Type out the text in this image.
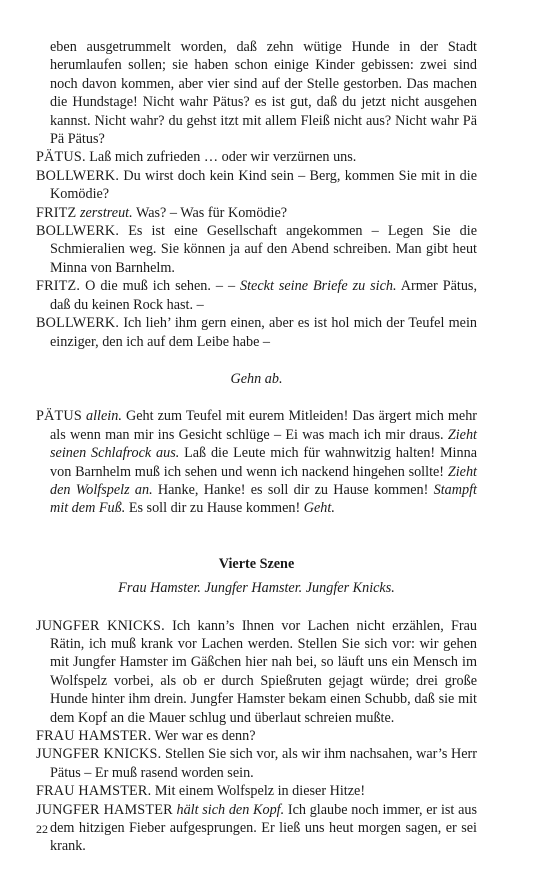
eben ausgetrummelt worden, daß zehn wütige Hunde in der Stadt herumlaufen sollen; sie haben schon einige Kinder gebissen: zwei sind noch davon kommen, aber vier sind auf der Stelle gestorben. Das machen die Hundstage! Nicht wahr Pätus? es ist gut, daß du jetzt nicht ausgehen kannst. Nicht wahr? du gehst itzt mit allem Fleiß nicht aus? Nicht wahr Pä Pä Pätus?

PÄTUS. Laß mich zufrieden … oder wir verzürnen uns.

BOLLWERK. Du wirst doch kein Kind sein – Berg, kommen Sie mit in die Komödie?

FRITZ zerstreut. Was? – Was für Komödie?

BOLLWERK. Es ist eine Gesellschaft angekommen – Legen Sie die Schmieralien weg. Sie können ja auf den Abend schreiben. Man gibt heut Minna von Barnhelm.

FRITZ. O die muß ich sehen. – – Steckt seine Briefe zu sich. Armer Pätus, daß du keinen Rock hast. –

BOLLWERK. Ich lieh’ ihm gern einen, aber es ist hol mich der Teufel mein einziger, den ich auf dem Leibe habe –

Gehn ab.

PÄTUS allein. Geht zum Teufel mit eurem Mitleiden! Das ärgert mich mehr als wenn man mir ins Gesicht schlüge – Ei was mach ich mir draus. Zieht seinen Schlafrock aus. Laß die Leute mich für wahnwitzig halten! Minna von Barnhelm muß ich sehen und wenn ich nackend hingehen sollte! Zieht den Wolfspelz an. Hanke, Hanke! es soll dir zu Hause kommen! Stampft mit dem Fuß. Es soll dir zu Hause kommen! Geht.

Vierte Szene

Frau Hamster. Jungfer Hamster. Jungfer Knicks.

JUNGFER KNICKS. Ich kann’s Ihnen vor Lachen nicht erzählen, Frau Rätin, ich muß krank vor Lachen werden. Stellen Sie sich vor: wir gehen mit Jungfer Hamster im Gäßchen hier nah bei, so läuft uns ein Mensch im Wolfspelz vorbei, als ob er durch Spießruten gejagt würde; drei große Hunde hinter ihm drein. Jungfer Hamster bekam einen Schubb, daß sie mit dem Kopf an die Mauer schlug und überlaut schreien mußte.

FRAU HAMSTER. Wer war es denn?

JUNGFER KNICKS. Stellen Sie sich vor, als wir ihm nachsahen, war’s Herr Pätus – Er muß rasend worden sein.

FRAU HAMSTER. Mit einem Wolfspelz in dieser Hitze!

JUNGFER HAMSTER hält sich den Kopf. Ich glaube noch immer, er ist aus dem hitzigen Fieber aufgesprungen. Er ließ uns heut morgen sagen, er sei krank.

22
